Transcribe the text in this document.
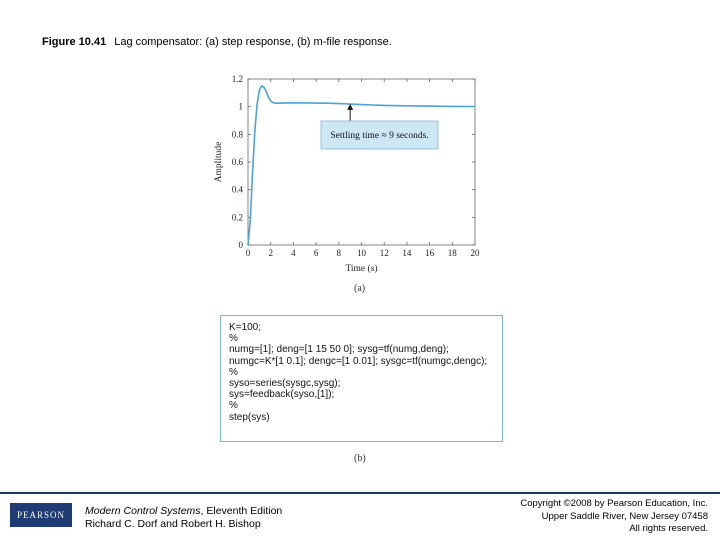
Figure 10.41 Lag compensator: (a) step response, (b) m-file response.
0 2 4 6 8 10 12 14 16 18 20
0
0.2
0.4
0.6
0.8
1
1.2
Time (s)
Amplitude
Settling time ≈ 9 seconds.
(a)
K=100;
%
numg=[1]; deng=[1 15 50 0]; sysg=tf(numg,deng);
numgc=K*[1 0.1]; dengc=[1 0.01]; sysgc=tf(numgc,dengc);
%
syso=series(sysgc,sysg);
sys=feedback(syso,[1]);
%
step(sys)
(b)
PEARSON	Modern Control Systems, Eleventh Edition
Richard C. Dorf and Robert H. Bishop
Copyright ©2008 by Pearson Education, Inc.
Upper Saddle River, New Jersey 07458
All rights reserved.
